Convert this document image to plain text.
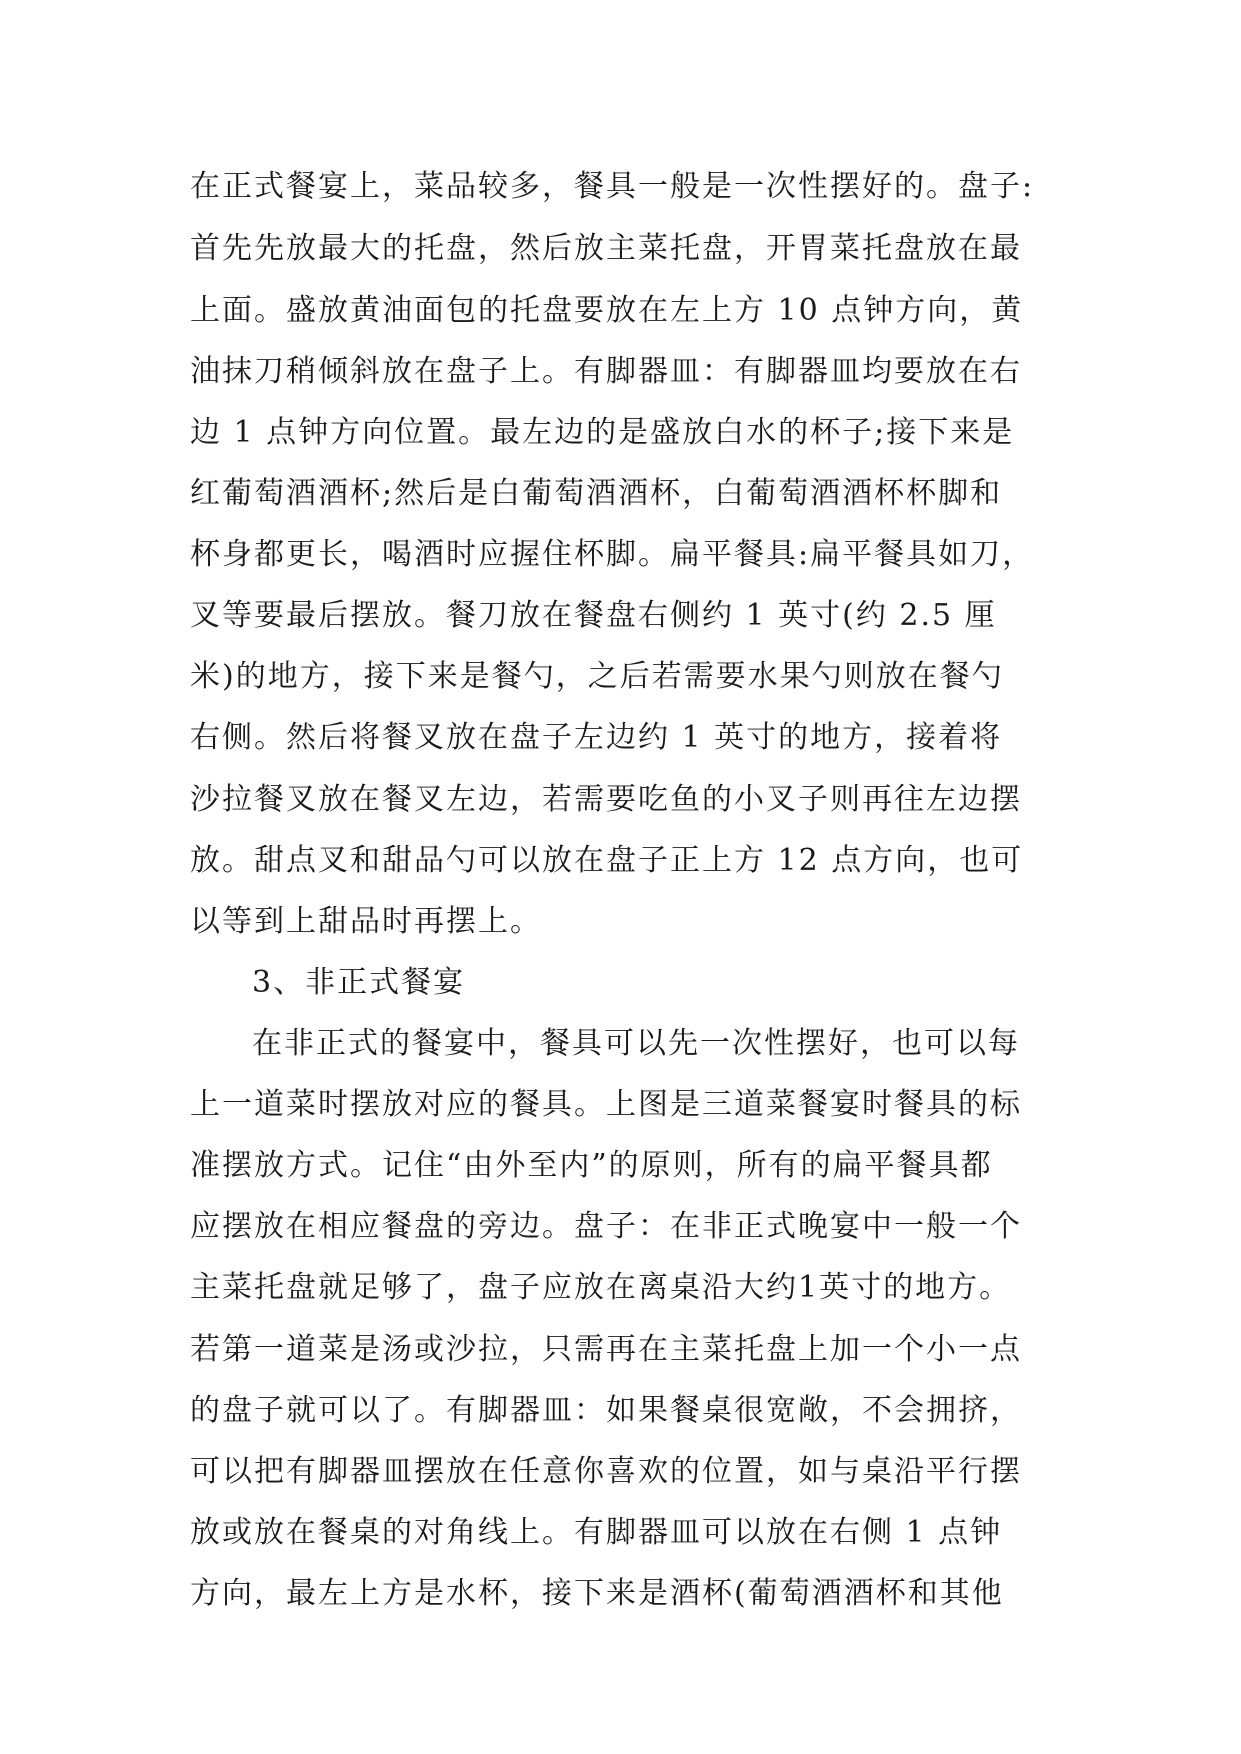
在正式餐宴上，菜品较多，餐具一般是一次性摆好的。盘子:
首先先放最大的托盘，然后放主菜托盘，开胃菜托盘放在最
上面。盛放黄油面包的托盘要放在左上方 10 点钟方向，黄
油抹刀稍倾斜放在盘子上。有脚器皿：有脚器皿均要放在右
边 1 点钟方向位置。最左边的是盛放白水的杯子;接下来是
红葡萄酒酒杯;然后是白葡萄酒酒杯，白葡萄酒酒杯杯脚和
杯身都更长，喝酒时应握住杯脚。扁平餐具:扁平餐具如刀，
叉等要最后摆放。餐刀放在餐盘右侧约 1 英寸(约 2.5 厘
米)的地方，接下来是餐勺，之后若需要水果勺则放在餐勺
右侧。然后将餐叉放在盘子左边约 1 英寸的地方，接着将
沙拉餐叉放在餐叉左边，若需要吃鱼的小叉子则再往左边摆
放。甜点叉和甜品勺可以放在盘子正上方 12 点方向，也可
以等到上甜品时再摆上。
3、非正式餐宴
在非正式的餐宴中，餐具可以先一次性摆好，也可以每
上一道菜时摆放对应的餐具。上图是三道菜餐宴时餐具的标
准摆放方式。记住“由外至内”的原则，所有的扁平餐具都
应摆放在相应餐盘的旁边。盘子：在非正式晚宴中一般一个
主菜托盘就足够了，盘子应放在离桌沿大约1英寸的地方。
若第一道菜是汤或沙拉，只需再在主菜托盘上加一个小一点
的盘子就可以了。有脚器皿：如果餐桌很宽敞，不会拥挤，
可以把有脚器皿摆放在任意你喜欢的位置，如与桌沿平行摆
放或放在餐桌的对角线上。有脚器皿可以放在右侧 1 点钟
方向，最左上方是水杯，接下来是酒杯(葡萄酒酒杯和其他
